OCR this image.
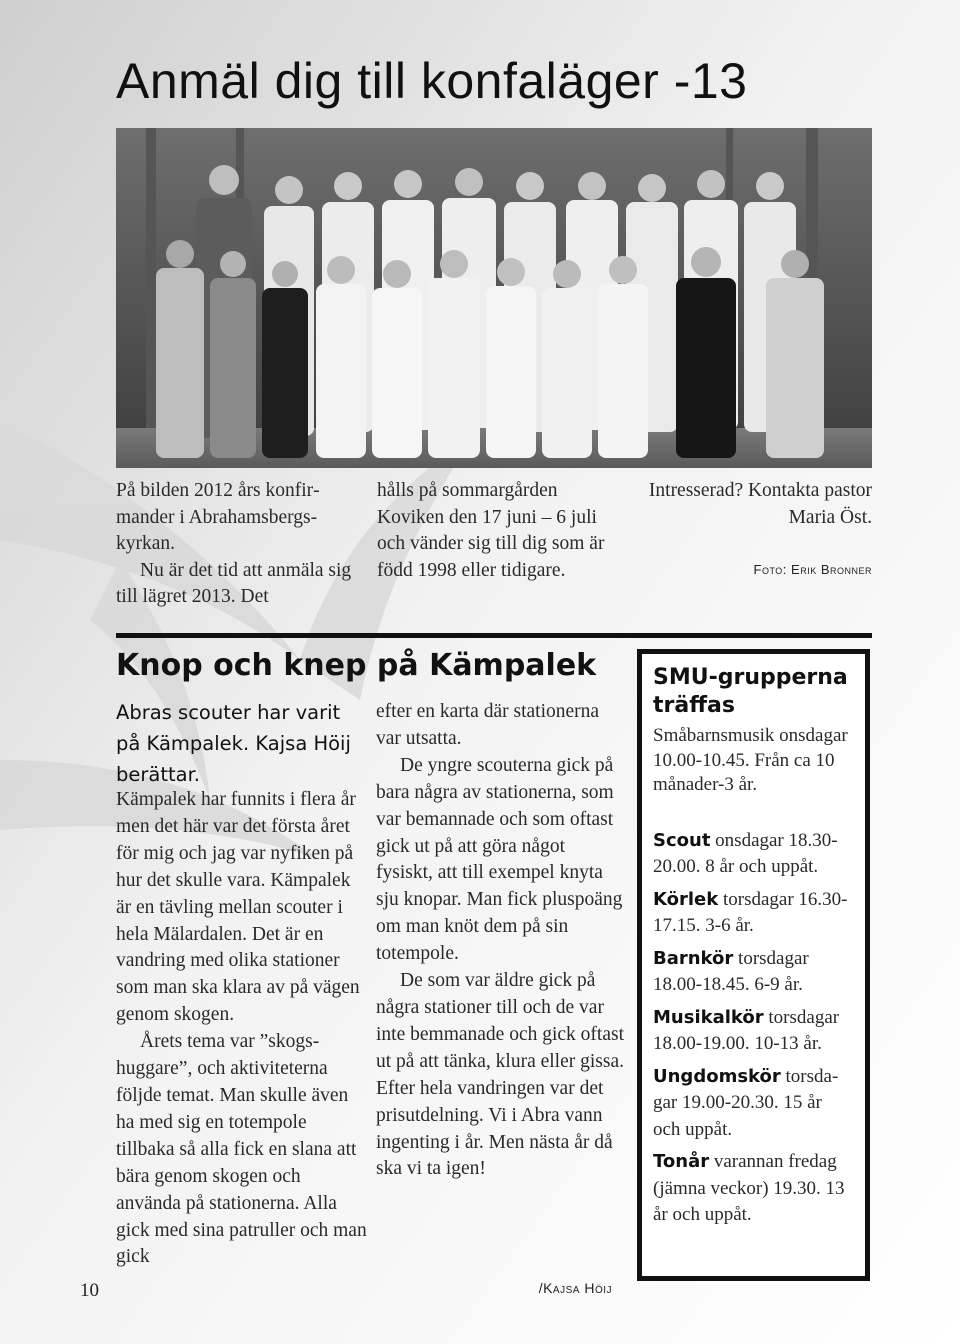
Anmäl dig till konfaläger -13

På bilden 2012 års konfirmander i Abrahamsbergskyrkan.

Nu är det tid att anmäla sig till lägret 2013. Det

hålls på sommargården Koviken den 17 juni – 6 juli och vänder sig till dig som är född 1998 eller tidigare.

Intresserad? Kontakta pastor Maria Öst.

Foto: Erik Bronner
Knop och knep på Kämpalek
Abras scouter har varit på Kämpalek. Kajsa Höij berättar.

Kämpalek har funnits i flera år men det här var det första året för mig och jag var nyfiken på hur det skulle vara. Kämpalek är en tävling mellan scouter i hela Mälardalen. Det är en vandring med olika stationer som man ska klara av på vägen genom skogen.

Årets tema var ”skogshuggare”, och aktiviteterna följde temat. Man skulle även ha med sig en totempole tillbaka så alla fick en slana att bära genom skogen och använda på stationerna. Alla gick med sina patruller och man gick

efter en karta där stationerna var utsatta.

De yngre scouterna gick på bara några av stationerna, som var bemannade och som oftast gick ut på att göra något fysiskt, att till exempel knyta sju knopar. Man fick pluspoäng om man knöt dem på sin totempole.

De som var äldre gick på några stationer till och de var inte bemmanade och gick oftast ut på att tänka, klura eller gissa. Efter hela vandringen var det prisutdelning. Vi i Abra vann ingenting i år. Men nästa år då ska vi ta igen!

/Kajsa Höij
10
SMU-grupperna träffas

Småbarnsmusik onsdagar 10.00-10.45. Från ca 10 månader-3 år.

Scout onsdagar 18.30-20.00. 8 år och uppåt.

Körlek torsdagar 16.30-17.15. 3-6 år.

Barnkör torsdagar 18.00-18.45. 6-9 år.

Musikalkör torsdagar 18.00-19.00. 10-13 år.

Ungdomskör torsdagar 19.00-20.30. 15 år och uppåt.

Tonår varannan fredag (jämna veckor) 19.30. 13 år och uppåt.
